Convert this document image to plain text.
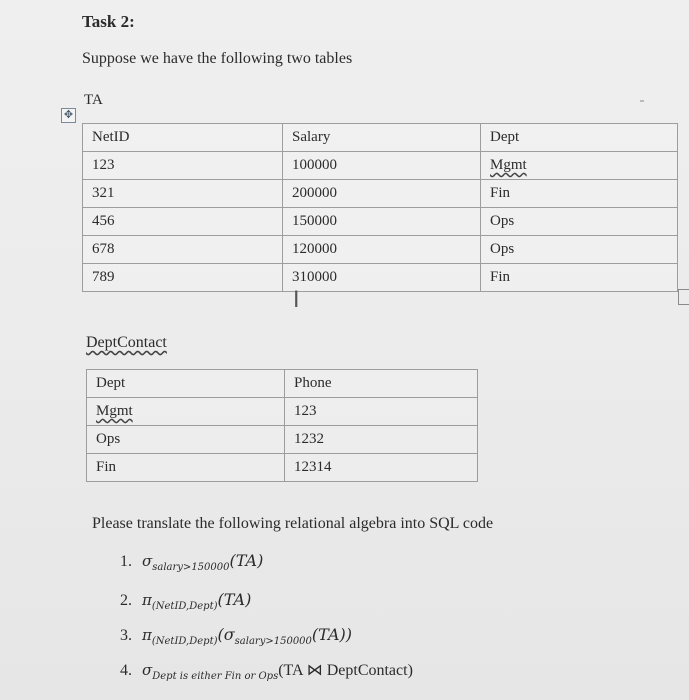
Task 2:
Suppose we have the following two tables
TA
✥
NetID	Salary	Dept
123	100000	Mgmt
321	200000	Fin
456	150000	Ops
678	120000	Ops
789	310000	Fin
I
DeptContact
Dept	Phone
Mgmt	123
Ops	1232
Fin	12314
Please translate the following relational algebra into SQL code
1. $\sigma_{salary>150000}(TA)$
2. $\pi_{(NetID,Dept)}(TA)$
3. $\pi_{(NetID,Dept)}(\sigma_{salary>150000}(TA))$
4. $\sigma_{Dept is either Fin or Ops}(TA$ ⋈ DeptContact)
